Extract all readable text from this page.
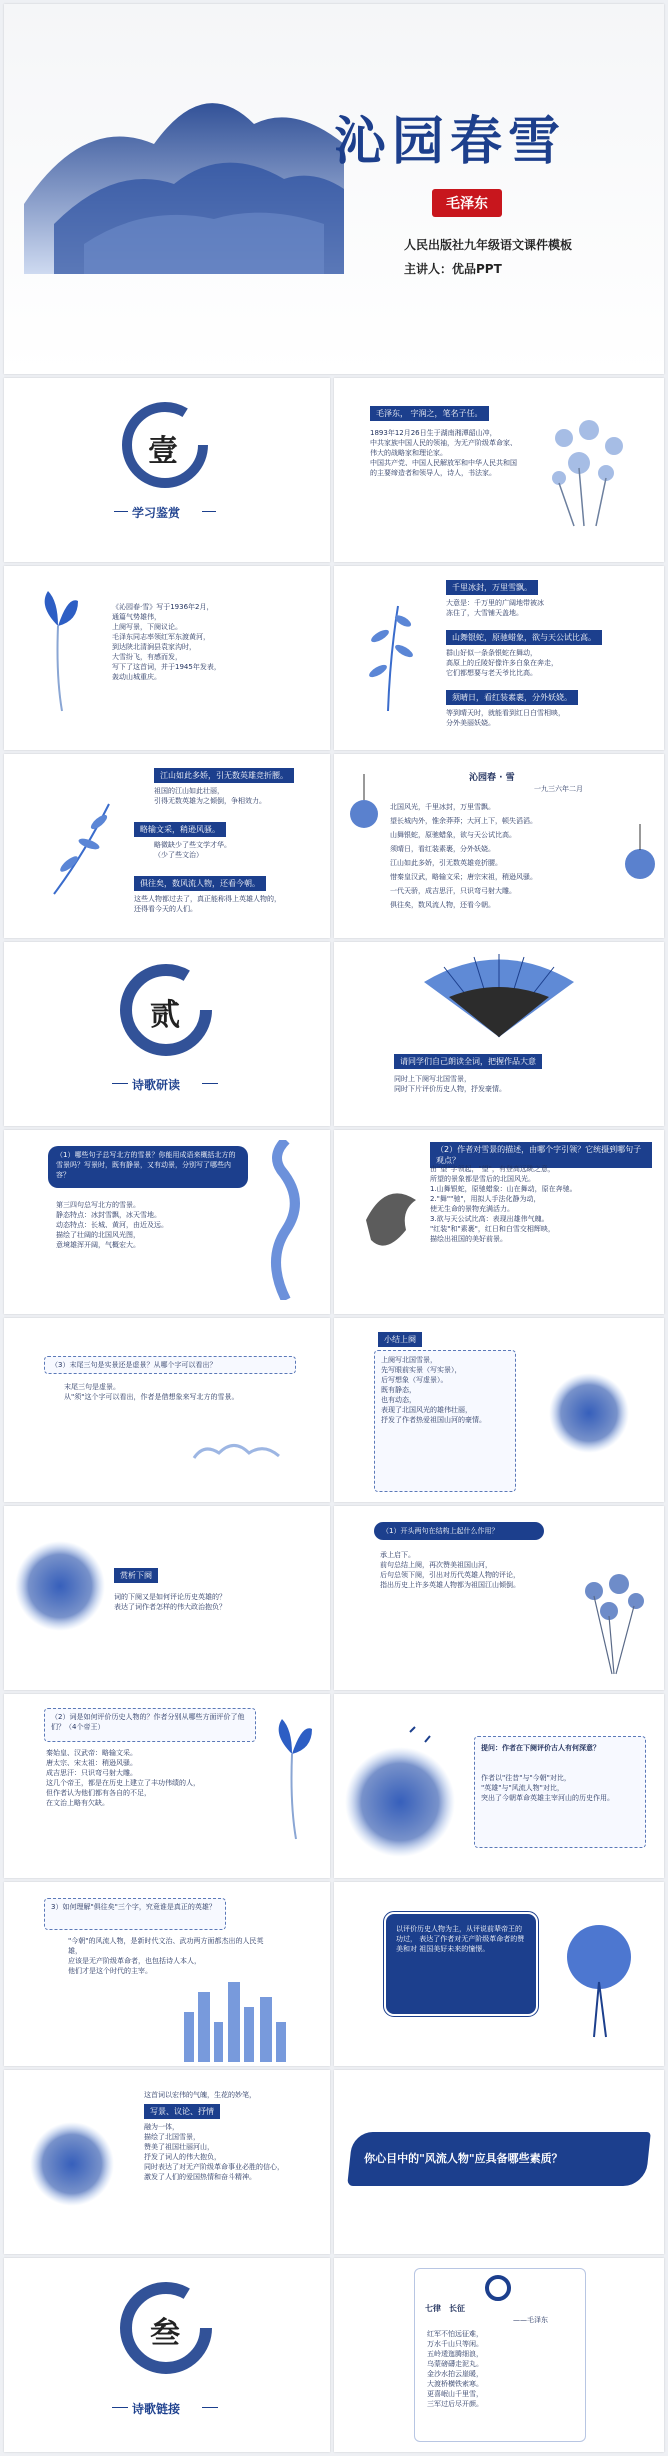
沁园春雪
毛泽东
人民出版社九年级语文课件模板
主讲人：优品PPT
壹
学习鉴赏
毛泽东， 字润之，笔名子任。
1893年12月26日生于湖南湘潭韶山冲，
中共家族中国人民的领袖，为无产阶级革命家、
伟大的战略家和理论家。
中国共产党、中国人民解放军和中华人民共和国
的主要缔造者和领导人，诗人，书法家。
《沁园春·雪》写于1936年2月，
通篇气势雄伟，
上阕写景，下阕议论。
毛泽东同志率领红军东渡黄河，
到达陕北清涧县袁家沟时，
大雪纷飞，有感而发，
写下了这首词，并于1945年发表，
轰动山城重庆。
千里冰封，万里雪飘。
大意是：千万里的广阔地带被冰
冻住了，大雪铺天盖地。
山舞银蛇，原驰蜡象，欲与天公试比高。
群山好似一条条银蛇在舞动，
高原上的丘陵好像许多白象在奔走，
它们都想要与老天爷比比高。
须晴日，看红装素裹，分外妖娆。
等到晴天时，就能看到红日白雪相映，
分外美丽妖娆。
江山如此多娇，引无数英雄竞折腰。
祖国的江山如此壮丽，
引得无数英雄为之倾倒，争相效力。
略输文采，稍逊风骚。
略微缺少了些文学才华。
（少了些文治）
俱往矣，数风流人物，还看今朝。
这些人物都过去了，真正能称得上英雄人物的，
还得看今天的人们。
沁园春 · 雪
一九三六年二月
北国风光，千里冰封，万里雪飘。
望长城内外，惟余莽莽；大河上下，顿失滔滔。
山舞银蛇，原驰蜡象，欲与天公试比高。
须晴日，看红装素裹，分外妖娆。
江山如此多娇，引无数英雄竞折腰。
惜秦皇汉武，略输文采；唐宗宋祖，稍逊风骚。
一代天骄，成吉思汗，只识弯弓射大雕。
俱往矣，数风流人物，还看今朝。
贰
诗歌研读
请同学们自己朗读全词，把握作品大意
同时上下阕写北国雪景，
同时下片评价历史人物，抒发豪情。
（1）哪些句子总写北方的雪景？你能用成语来概括北方的雪景吗？写景时，既有静景，又有动景，分别写了哪些内容？
第三四句总写北方的雪景。
静态特点：冰封雪飘，冰天雪地。
动态特点：长城、黄河，由近及远。
描绘了壮阔的北国风光图，
意境雄浑开阔，气概宏大。
（2）作者对雪景的描述，由哪个字引领？它统摄到哪句子观点？
由"望"字领起，"望"，有登高远眺之意，
所望的景象都是雪后的北国风光。
1.山舞银蛇，原驰蜡象：山在舞动，原在奔驰。
2."舞""驰"，用拟人手法化静为动，
使无生命的景物充满活力。
3.欲与天公试比高：表现出雄伟气魄。
"红装"和"素裹"，红日和白雪交相辉映，
描绘出祖国的美好前景。
（3）末尾三句是实景还是虚景？从哪个字可以看出？
末尾三句是虚景。
从"须"这个字可以看出，作者是借想象来写北方的雪景。
小结上阕
上阕写北国雪景，
先写眼前实景（写实景），
后写想象（写虚景）。
既有静态，
也有动态，
表现了北国风光的雄伟壮丽，
抒发了作者热爱祖国山河的豪情。
赏析下阕
词的下阕又是如何评论历史英雄的？
表达了词作者怎样的伟大政治抱负？
（1）开头两句在结构上起什么作用？
承上启下。
前句总结上阕，再次赞美祖国山河，
后句总领下阕，引出对历代英雄人物的评论，
指出历史上许多英雄人物都为祖国江山倾倒。
（2）词是如何评价历史人物的？作者分别从哪些方面评价了他们？（4个帝王）
秦始皇、汉武帝：略输文采。
唐太宗、宋太祖：稍逊风骚。
成吉思汗：只识弯弓射大雕。
这几个帝王，都是在历史上建立了丰功伟绩的人，
但作者认为他们都有各自的不足，
在文治上略有欠缺。
提问：作者在下阕评价古人有何深意？
作者以"往昔"与"今朝"对比，
"英雄"与"风流人物"对比，
突出了今朝革命英雄主宰河山的历史作用。
3）如何理解"俱往矣"三个字，究竟谁是真正的英雄？
"今朝"的风流人物，是新时代文治、武功两方面都杰出的人民英雄，
应该是无产阶级革命者，也包括诗人本人，
他们才是这个时代的主宰。
以评价历史人物为主，从评说前辈帝王的功过， 表达了作者对无产阶级革命者的赞美和对 祖国美好未来的憧憬。
这首词以宏伟的气魄，生花的妙笔，
写景、议论、抒情
融为一体，
描绘了北国雪景，
赞美了祖国壮丽河山，
抒发了词人的伟大抱负，
同时表达了对无产阶级革命事业必胜的信心，
激发了人们的爱国热情和奋斗精神。
你心目中的"风流人物"应具备哪些素质？
叁
诗歌链接
七律　长征
——毛泽东
红军不怕远征难，
万水千山只等闲。
五岭逶迤腾细浪，
乌蒙磅礴走泥丸。
金沙水拍云崖暖，
大渡桥横铁索寒。
更喜岷山千里雪，
三军过后尽开颜。
